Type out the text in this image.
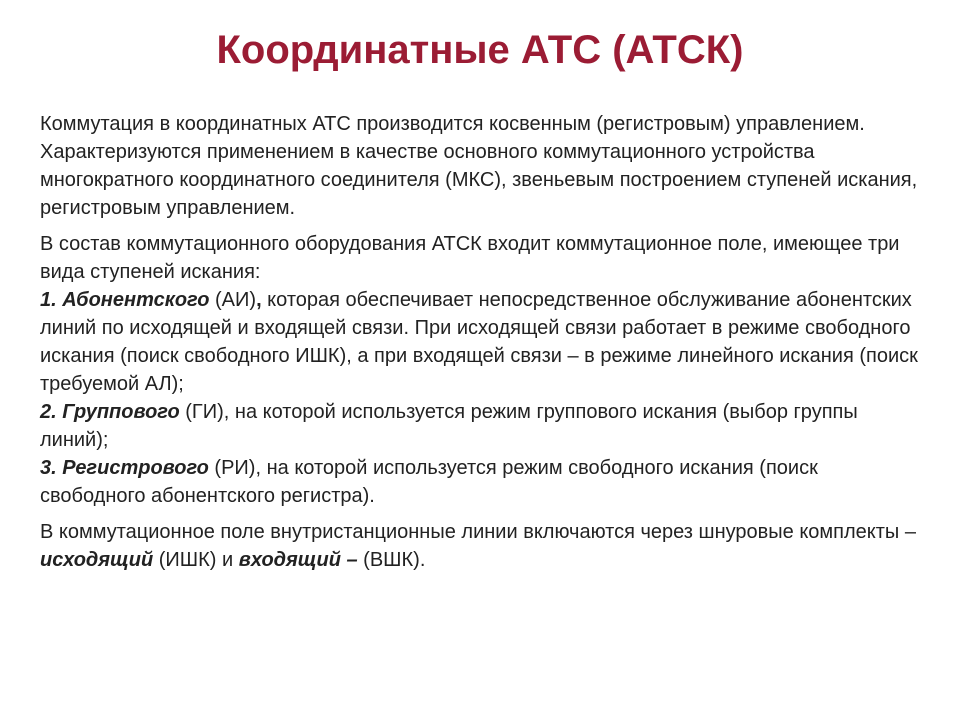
Координатные АТС (АТСК)

Коммутация в координатных АТС производится косвенным (регистровым) управлением.

Характеризуются применением в качестве основного коммутационного устройства многократного координатного соединителя (МКС), звеньевым построением ступеней искания, регистровым управлением.

В состав коммутационного оборудования АТСК входит коммутационное поле, имеющее три вида ступеней искания:

1. Абонентского (АИ), которая обеспечивает непосредственное обслуживание абонентских линий по исходящей и входящей связи. При исходящей связи работает в режиме свободного искания (поиск свободного ИШК), а при входящей связи – в режиме линейного искания (поиск требуемой АЛ);

2. Группового (ГИ), на которой используется режим группового искания (выбор группы линий);

3. Регистрового (РИ), на которой используется режим свободного искания (поиск свободного абонентского регистра).

В коммутационное поле внутристанционные линии включаются через шнуровые комплекты – исходящий (ИШК) и входящий – (ВШК).
